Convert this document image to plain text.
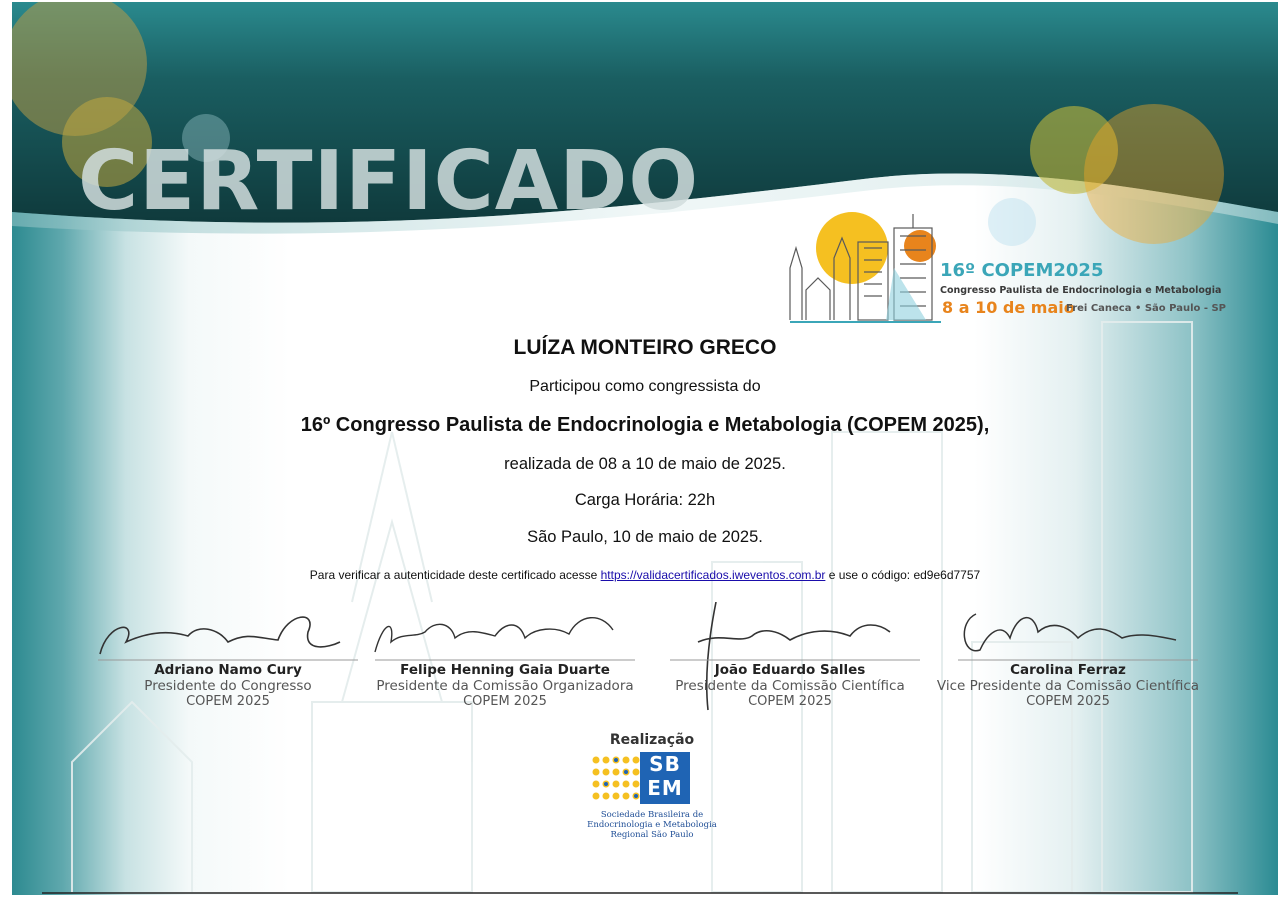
CERTIFICADO
16º COPEM2025
Congresso Paulista de Endocrinologia e Metabologia
8 a 10 de maio
Frei Caneca • São Paulo - SP
LUÍZA MONTEIRO GRECO
Participou como congressista do
16º Congresso Paulista de Endocrinologia e Metabologia (COPEM 2025),
realizada de 08 a 10 de maio de 2025.
Carga Horária: 22h
São Paulo, 10 de maio de 2025.
Para verificar a autenticidade deste certificado acesse https://validacertificados.iweventos.com.br e use o código: ed9e6d7757
Adriano Namo Cury
Presidente do Congresso
COPEM 2025
Felipe Henning Gaia Duarte
Presidente da Comissão Organizadora
COPEM 2025
João Eduardo Salles
Presidente da Comissão Científica
COPEM 2025
Carolina Ferraz
Vice Presidente da Comissão Científica
COPEM 2025
Realização
SB
EM
Sociedade Brasileira de
Endocrinologia e Metabologia
Regional São Paulo
